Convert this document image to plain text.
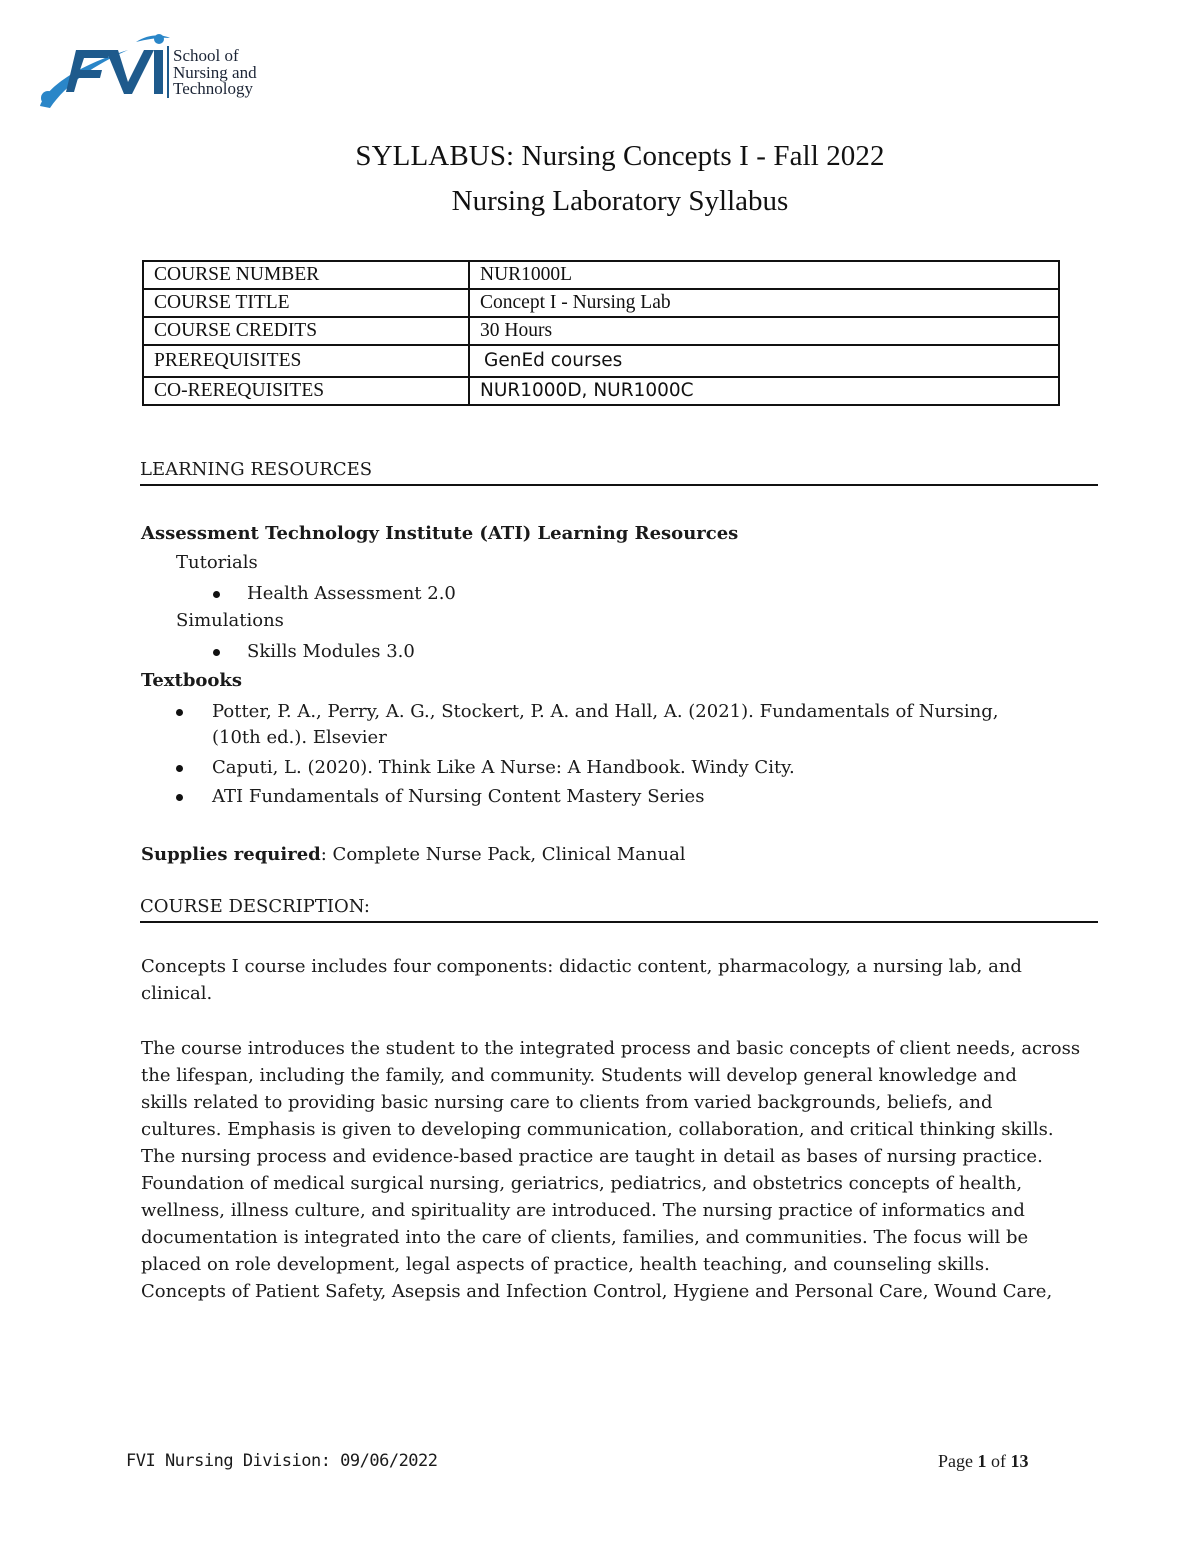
School of
Nursing and
Technology
SYLLABUS: Nursing Concepts I - Fall 2022
Nursing Laboratory Syllabus
COURSE NUMBER	NUR1000L
COURSE TITLE	Concept I - Nursing Lab
COURSE CREDITS	30 Hours
PREREQUISITES	GenEd courses
CO-REREQUISITES	NUR1000D, NUR1000C
LEARNING RESOURCES
Assessment Technology Institute (ATI) Learning Resources
Tutorials
Health Assessment 2.0
Simulations
Skills Modules 3.0
Textbooks
Potter, P. A., Perry, A. G., Stockert, P. A. and Hall, A. (2021). Fundamentals of Nursing,
(10th ed.). Elsevier
Caputi, L. (2020). Think Like A Nurse: A Handbook. Windy City.
ATI Fundamentals of Nursing Content Mastery Series
Supplies required: Complete Nurse Pack, Clinical Manual
COURSE DESCRIPTION:
Concepts I course includes four components: didactic content, pharmacology, a nursing lab, and
clinical.
The course introduces the student to the integrated process and basic concepts of client needs, across
the lifespan, including the family, and community. Students will develop general knowledge and
skills related to providing basic nursing care to clients from varied backgrounds, beliefs, and
cultures. Emphasis is given to developing communication, collaboration, and critical thinking skills.
The nursing process and evidence-based practice are taught in detail as bases of nursing practice.
Foundation of medical surgical nursing, geriatrics, pediatrics, and obstetrics concepts of health,
wellness, illness culture, and spirituality are introduced. The nursing practice of informatics and
documentation is integrated into the care of clients, families, and communities. The focus will be
placed on role development, legal aspects of practice, health teaching, and counseling skills.
Concepts of Patient Safety, Asepsis and Infection Control, Hygiene and Personal Care, Wound Care,
FVI Nursing Division: 09/06/2022	Page 1 of 13
